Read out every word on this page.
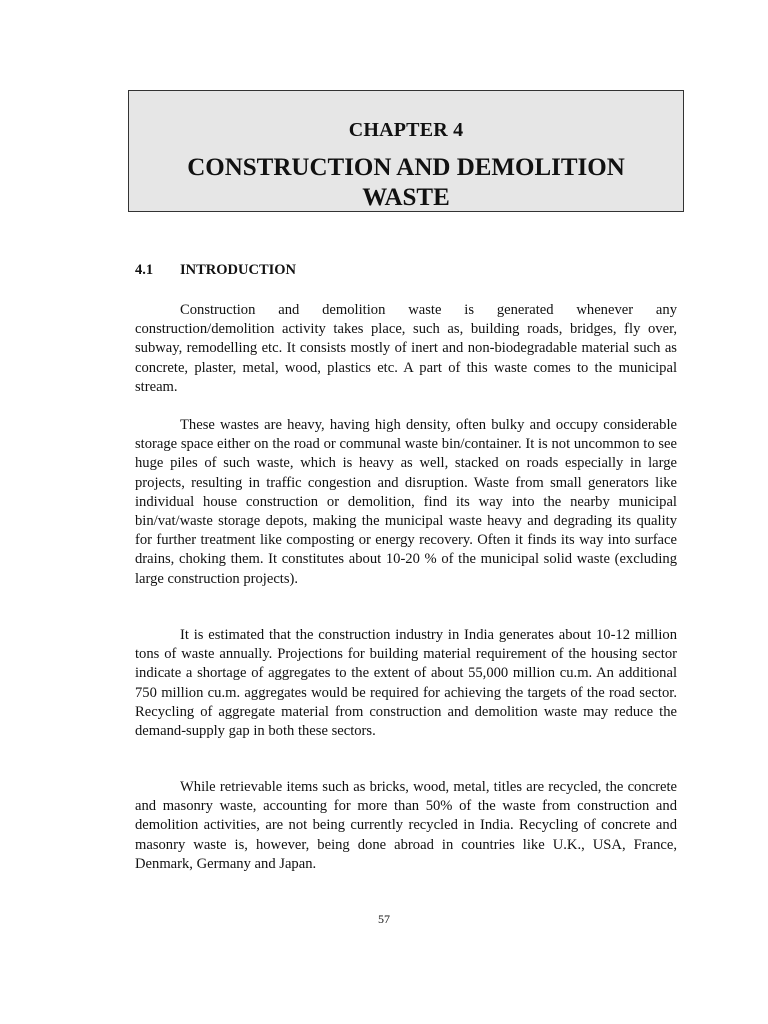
CHAPTER 4
CONSTRUCTION AND DEMOLITION WASTE
4.1 INTRODUCTION

Construction and demolition waste is generated whenever any construction/demolition activity takes place, such as, building roads, bridges, fly over, subway, remodelling etc. It consists mostly of inert and non-biodegradable material such as concrete, plaster, metal, wood, plastics etc. A part of this waste comes to the municipal stream.

These wastes are heavy, having high density, often bulky and occupy considerable storage space either on the road or communal waste bin/container. It is not uncommon to see huge piles of such waste, which is heavy as well, stacked on roads especially in large projects, resulting in traffic congestion and disruption. Waste from small generators like individual house construction or demolition, find its way into the nearby municipal bin/vat/waste storage depots, making the municipal waste heavy and degrading its quality for further treatment like composting or energy recovery. Often it finds its way into surface drains, choking them. It constitutes about 10-20 % of the municipal solid waste (excluding large construction projects).

It is estimated that the construction industry in India generates about 10-12 million tons of waste annually. Projections for building material requirement of the housing sector indicate a shortage of aggregates to the extent of about 55,000 million cu.m. An additional 750 million cu.m. aggregates would be required for achieving the targets of the road sector. Recycling of aggregate material from construction and demolition waste may reduce the demand-supply gap in both these sectors.

While retrievable items such as bricks, wood, metal, titles are recycled, the concrete and masonry waste, accounting for more than 50% of the waste from construction and demolition activities, are not being currently recycled in India. Recycling of concrete and masonry waste is, however, being done abroad in countries like U.K., USA, France, Denmark, Germany and Japan.

57
